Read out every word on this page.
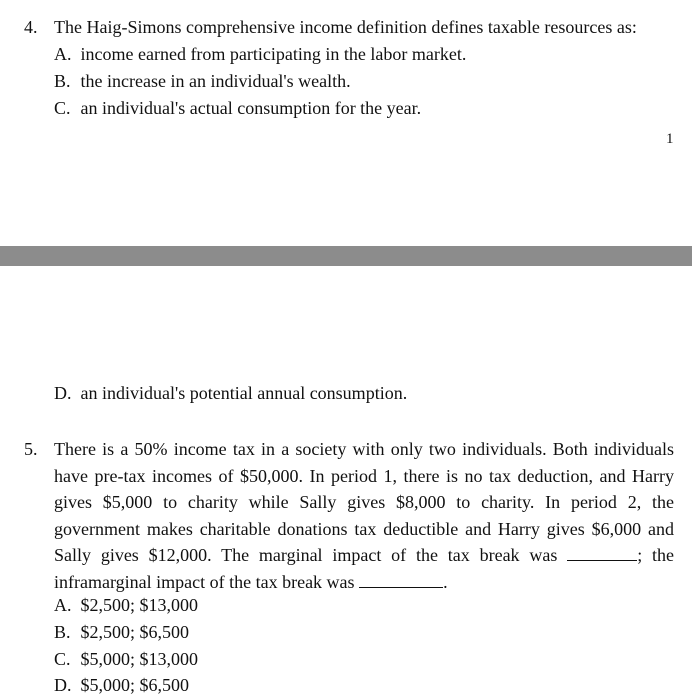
4. The Haig-Simons comprehensive income definition defines taxable resources as:
A. income earned from participating in the labor market.
B. the increase in an individual's wealth.
C. an individual's actual consumption for the year.
1
D. an individual's potential annual consumption.
5. There is a 50% income tax in a society with only two individuals. Both individuals have pre-tax incomes of $50,000. In period 1, there is no tax deduction, and Harry gives $5,000 to charity while Sally gives $8,000 to charity. In period 2, the government makes charitable donations tax deductible and Harry gives $6,000 and Sally gives $12,000. The marginal impact of the tax break was	; the inframarginal impact of the tax break was	.
A. $2,500; $13,000
B. $2,500; $6,500
C. $5,000; $13,000
D. $5,000; $6,500
